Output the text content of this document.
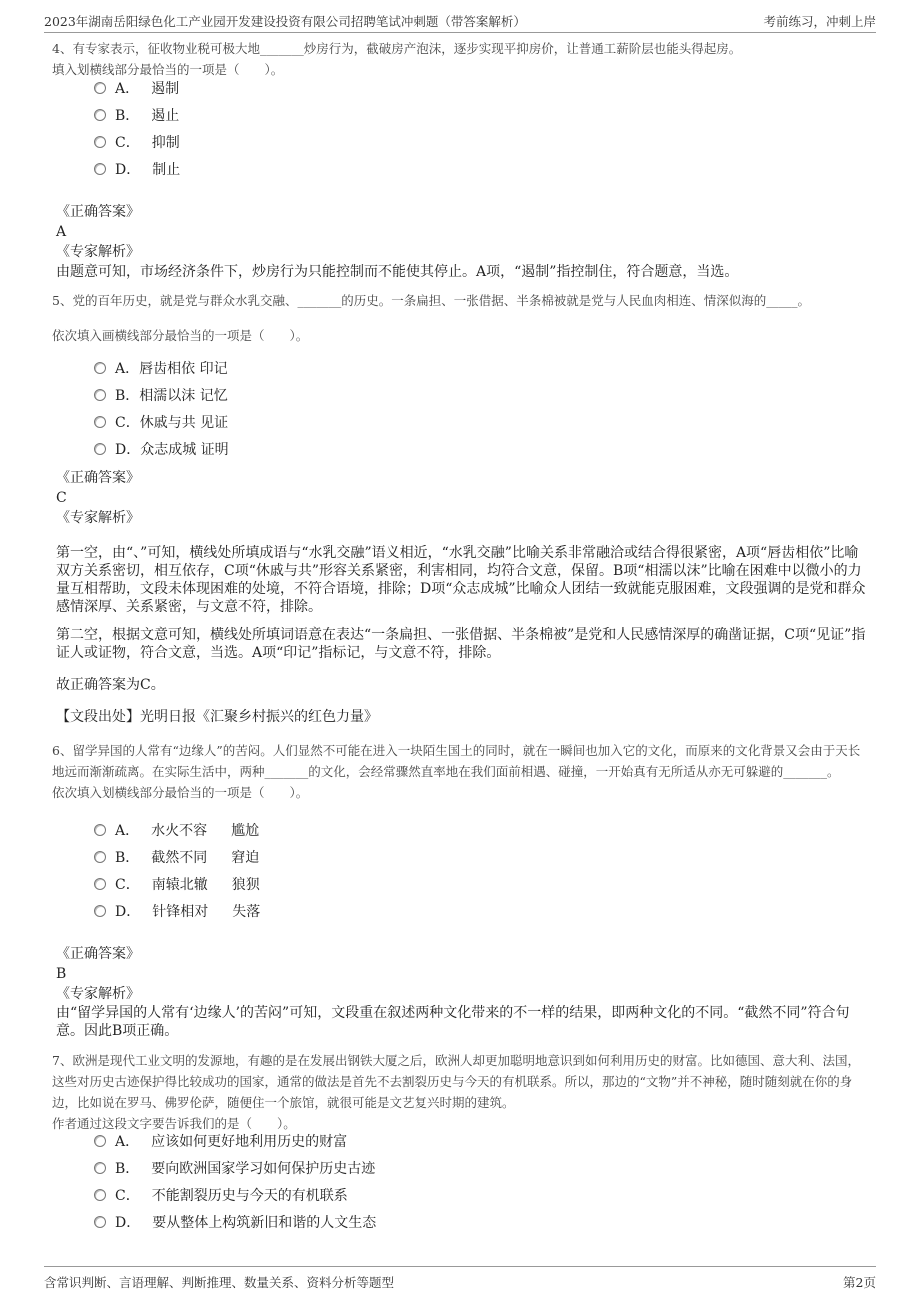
2023年湖南岳阳绿色化工产业园开发建设投资有限公司招聘笔试冲刺题（带答案解析）	考前练习，冲刺上岸
4、有专家表示，征收物业税可极大地_______炒房行为，截破房产泡沫，逐步实现平抑房价，让普通工薪阶层也能头得起房。
填入划横线部分最恰当的一项是（　　）。
A． 遏制
B． 遏止
C． 抑制
D． 制止
《正确答案》
A
《专家解析》
由题意可知，市场经济条件下，炒房行为只能控制而不能使其停止。A项，“遏制”指控制住，符合题意，当选。
5、党的百年历史，就是党与群众水乳交融、_______的历史。一条扁担、一张借据、半条棉被就是党与人民血肉相连、情深似海的_____。
依次填入画横线部分最恰当的一项是（　　）。
A．唇齿相依 印记
B．相濡以沫 记忆
C．休戚与共 见证
D．众志成城 证明
《正确答案》
C
《专家解析》

第一空，由“、”可知，横线处所填成语与“水乳交融”语义相近，“水乳交融”比喻关系非常融洽或结合得很紧密，A项“唇齿相依”比喻双方关系密切，相互依存，C项“休戚与共”形容关系紧密，利害相同，均符合文意，保留。B项“相濡以沫”比喻在困难中以微小的力量互相帮助，文段未体现困难的处境，不符合语境，排除；D项“众志成城”比喻众人团结一致就能克服困难，文段强调的是党和群众感情深厚、关系紧密，与文意不符，排除。

第二空，根据文意可知，横线处所填词语意在表达“一条扁担、一张借据、半条棉被”是党和人民感情深厚的确凿证据，C项“见证”指证人或证物，符合文意，当选。A项“印记”指标记，与文意不符，排除。

故正确答案为C。

【文段出处】光明日报《汇聚乡村振兴的红色力量》

6、留学异国的人常有“边缘人”的苦闷。人们显然不可能在进入一块陌生国土的同时，就在一瞬间也加入它的文化，而原来的文化背景又会由于天长地远而渐渐疏离。在实际生活中，两种_______的文化，会经常骤然直率地在我们面前相遇、碰撞，一开始真有无所适从亦无可躲避的_______。
依次填入划横线部分最恰当的一项是（　　）。
A． 水火不容 尴尬
B． 截然不同 窘迫
C． 南辕北辙 狼狈
D． 针锋相对 失落
《正确答案》
B
《专家解析》

由“留学异国的人常有‘边缘人’的苦闷”可知，文段重在叙述两种文化带来的不一样的结果，即两种文化的不同。“截然不同”符合句意。因此B项正确。

7、欧洲是现代工业文明的发源地，有趣的是在发展出钢铁大厦之后，欧洲人却更加聪明地意识到如何利用历史的财富。比如德国、意大利、法国，这些对历史古迹保护得比较成功的国家，通常的做法是首先不去割裂历史与今天的有机联系。所以，那边的“文物”并不神秘，随时随刻就在你的身边，比如说在罗马、佛罗伦萨，随便住一个旅馆，就很可能是文艺复兴时期的建筑。
作者通过这段文字要告诉我们的是（　　）。
A． 应该如何更好地利用历史的财富
B． 要向欧洲国家学习如何保护历史古迹
C． 不能割裂历史与今天的有机联系
D． 要从整体上构筑新旧和谐的人文生态
含常识判断、言语理解、判断推理、数量关系、资料分析等题型	第2页
